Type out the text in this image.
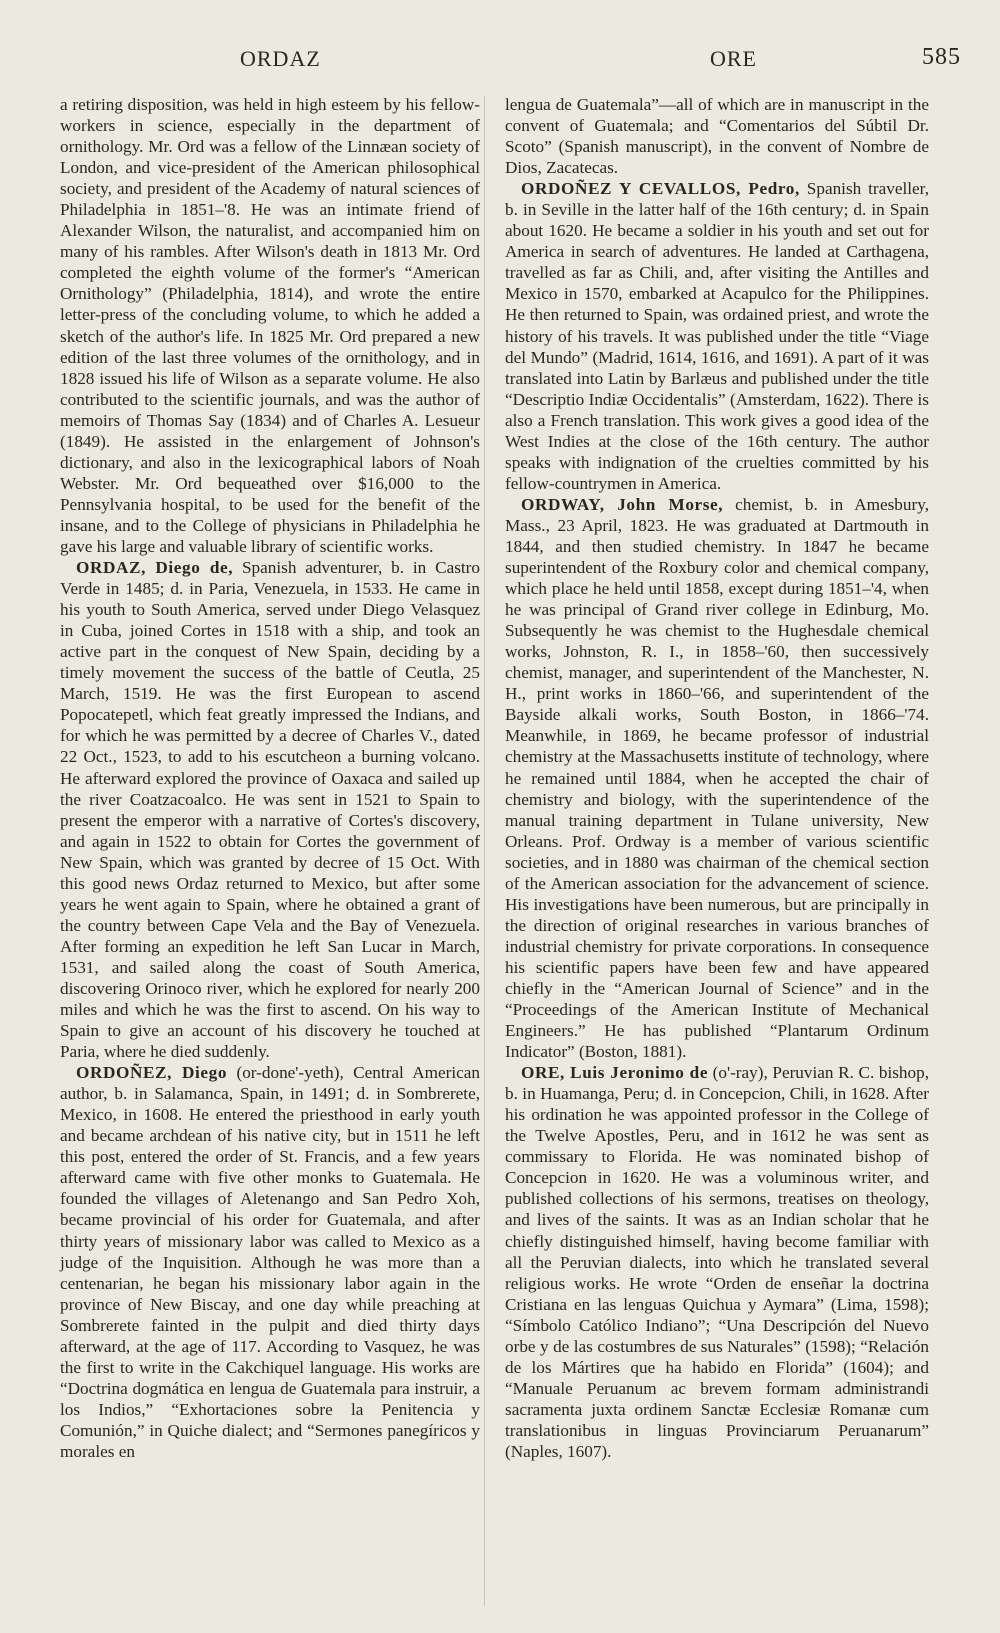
ORDAZ	ORE	585

a retiring disposition, was held in high esteem by his fellow-workers in science, especially in the department of ornithology. Mr. Ord was a fellow of the Linnæan society of London, and vice-president of the American philosophical society, and president of the Academy of natural sciences of Philadelphia in 1851–'8. He was an intimate friend of Alexander Wilson, the naturalist, and accompanied him on many of his rambles. After Wilson's death in 1813 Mr. Ord completed the eighth volume of the former's “American Ornithology” (Philadelphia, 1814), and wrote the entire letter-press of the concluding volume, to which he added a sketch of the author's life. In 1825 Mr. Ord prepared a new edition of the last three volumes of the ornithology, and in 1828 issued his life of Wilson as a separate volume. He also contributed to the scientific journals, and was the author of memoirs of Thomas Say (1834) and of Charles A. Lesueur (1849). He assisted in the enlargement of Johnson's dictionary, and also in the lexicographical labors of Noah Webster. Mr. Ord bequeathed over $16,000 to the Pennsylvania hospital, to be used for the benefit of the insane, and to the College of physicians in Philadelphia he gave his large and valuable library of scientific works.

ORDAZ, Diego de, Spanish adventurer, b. in Castro Verde in 1485; d. in Paria, Venezuela, in 1533. He came in his youth to South America, served under Diego Velasquez in Cuba, joined Cortes in 1518 with a ship, and took an active part in the conquest of New Spain, deciding by a timely movement the success of the battle of Ceutla, 25 March, 1519. He was the first European to ascend Popocatepetl, which feat greatly impressed the Indians, and for which he was permitted by a decree of Charles V., dated 22 Oct., 1523, to add to his escutcheon a burning volcano. He afterward explored the province of Oaxaca and sailed up the river Coatzacoalco. He was sent in 1521 to Spain to present the emperor with a narrative of Cortes's discovery, and again in 1522 to obtain for Cortes the government of New Spain, which was granted by decree of 15 Oct. With this good news Ordaz returned to Mexico, but after some years he went again to Spain, where he obtained a grant of the country between Cape Vela and the Bay of Venezuela. After forming an expedition he left San Lucar in March, 1531, and sailed along the coast of South America, discovering Orinoco river, which he explored for nearly 200 miles and which he was the first to ascend. On his way to Spain to give an account of his discovery he touched at Paria, where he died suddenly.

ORDOÑEZ, Diego (or-done'-yeth), Central American author, b. in Salamanca, Spain, in 1491; d. in Sombrerete, Mexico, in 1608. He entered the priesthood in early youth and became archdean of his native city, but in 1511 he left this post, entered the order of St. Francis, and a few years afterward came with five other monks to Guatemala. He founded the villages of Aletenango and San Pedro Xoh, became provincial of his order for Guatemala, and after thirty years of missionary labor was called to Mexico as a judge of the Inquisition. Although he was more than a centenarian, he began his missionary labor again in the province of New Biscay, and one day while preaching at Sombrerete fainted in the pulpit and died thirty days afterward, at the age of 117. According to Vasquez, he was the first to write in the Cakchiquel language. His works are “Doctrina dogmática en lengua de Guatemala para instruir, a los Indios,” “Exhortaciones sobre la Penitencia y Comunión,” in Quiche dialect; and “Sermones panegíricos y morales en

lengua de Guatemala”—all of which are in manuscript in the convent of Guatemala; and “Comentarios del Súbtil Dr. Scoto” (Spanish manuscript), in the convent of Nombre de Dios, Zacatecas.

ORDOÑEZ Y CEVALLOS, Pedro, Spanish traveller, b. in Seville in the latter half of the 16th century; d. in Spain about 1620. He became a soldier in his youth and set out for America in search of adventures. He landed at Carthagena, travelled as far as Chili, and, after visiting the Antilles and Mexico in 1570, embarked at Acapulco for the Philippines. He then returned to Spain, was ordained priest, and wrote the history of his travels. It was published under the title “Viage del Mundo” (Madrid, 1614, 1616, and 1691). A part of it was translated into Latin by Barlæus and published under the title “Descriptio Indiæ Occidentalis” (Amsterdam, 1622). There is also a French translation. This work gives a good idea of the West Indies at the close of the 16th century. The author speaks with indignation of the cruelties committed by his fellow-countrymen in America.

ORDWAY, John Morse, chemist, b. in Amesbury, Mass., 23 April, 1823. He was graduated at Dartmouth in 1844, and then studied chemistry. In 1847 he became superintendent of the Roxbury color and chemical company, which place he held until 1858, except during 1851–'4, when he was principal of Grand river college in Edinburg, Mo. Subsequently he was chemist to the Hughesdale chemical works, Johnston, R. I., in 1858–'60, then successively chemist, manager, and superintendent of the Manchester, N. H., print works in 1860–'66, and superintendent of the Bayside alkali works, South Boston, in 1866–'74. Meanwhile, in 1869, he became professor of industrial chemistry at the Massachusetts institute of technology, where he remained until 1884, when he accepted the chair of chemistry and biology, with the superintendence of the manual training department in Tulane university, New Orleans. Prof. Ordway is a member of various scientific societies, and in 1880 was chairman of the chemical section of the American association for the advancement of science. His investigations have been numerous, but are principally in the direction of original researches in various branches of industrial chemistry for private corporations. In consequence his scientific papers have been few and have appeared chiefly in the “American Journal of Science” and in the “Proceedings of the American Institute of Mechanical Engineers.” He has published “Plantarum Ordinum Indicator” (Boston, 1881).

ORE, Luis Jeronimo de (o'-ray), Peruvian R. C. bishop, b. in Huamanga, Peru; d. in Concepcion, Chili, in 1628. After his ordination he was appointed professor in the College of the Twelve Apostles, Peru, and in 1612 he was sent as commissary to Florida. He was nominated bishop of Concepcion in 1620. He was a voluminous writer, and published collections of his sermons, treatises on theology, and lives of the saints. It was as an Indian scholar that he chiefly distinguished himself, having become familiar with all the Peruvian dialects, into which he translated several religious works. He wrote “Orden de enseñar la doctrina Cristiana en las lenguas Quichua y Aymara” (Lima, 1598); “Símbolo Católico Indiano”; “Una Descripción del Nuevo orbe y de las costumbres de sus Naturales” (1598); “Relación de los Mártires que ha habido en Florida” (1604); and “Manuale Peruanum ac brevem formam administrandi sacramenta juxta ordinem Sanctæ Ecclesiæ Romanæ cum translationibus in linguas Provinciarum Peruanarum” (Naples, 1607).
